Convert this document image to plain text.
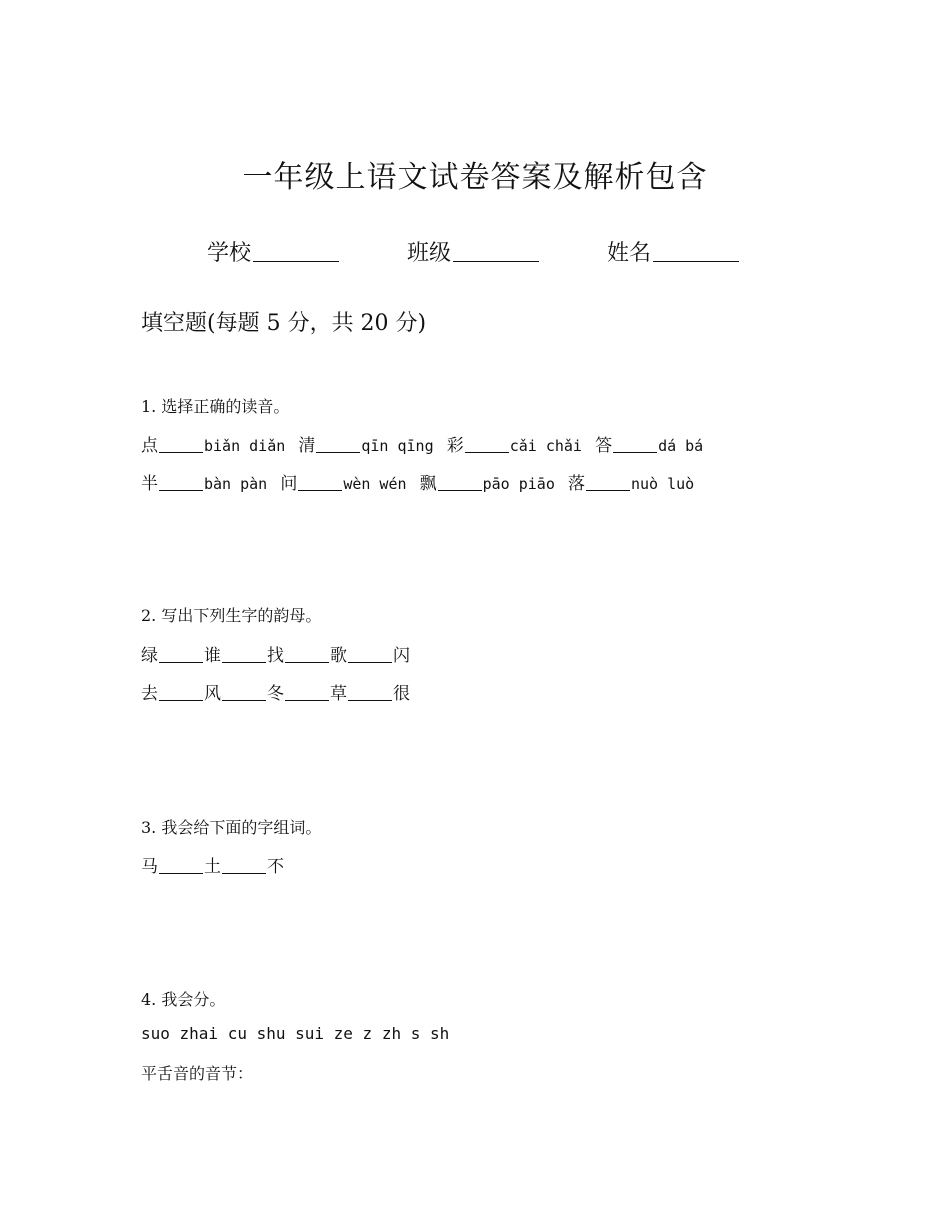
一年级上语文试卷答案及解析包含
学校	班级	姓名
填空题(每题 5 分，共 20 分)
1. 选择正确的读音。
点	biǎn diǎn 清	qīn qīng 彩	cǎi chǎi 答	dá bá
半	bàn pàn 问	wèn wén 飘	pāo piāo 落	nuò luò
2. 写出下列生字的韵母。
绿	谁	找	歌	闪
去	风	冬	草	很
3. 我会给下面的字组词。
马	土	不
4. 我会分。
suo zhai cu shu sui ze z zh s sh
平舌音的音节：
